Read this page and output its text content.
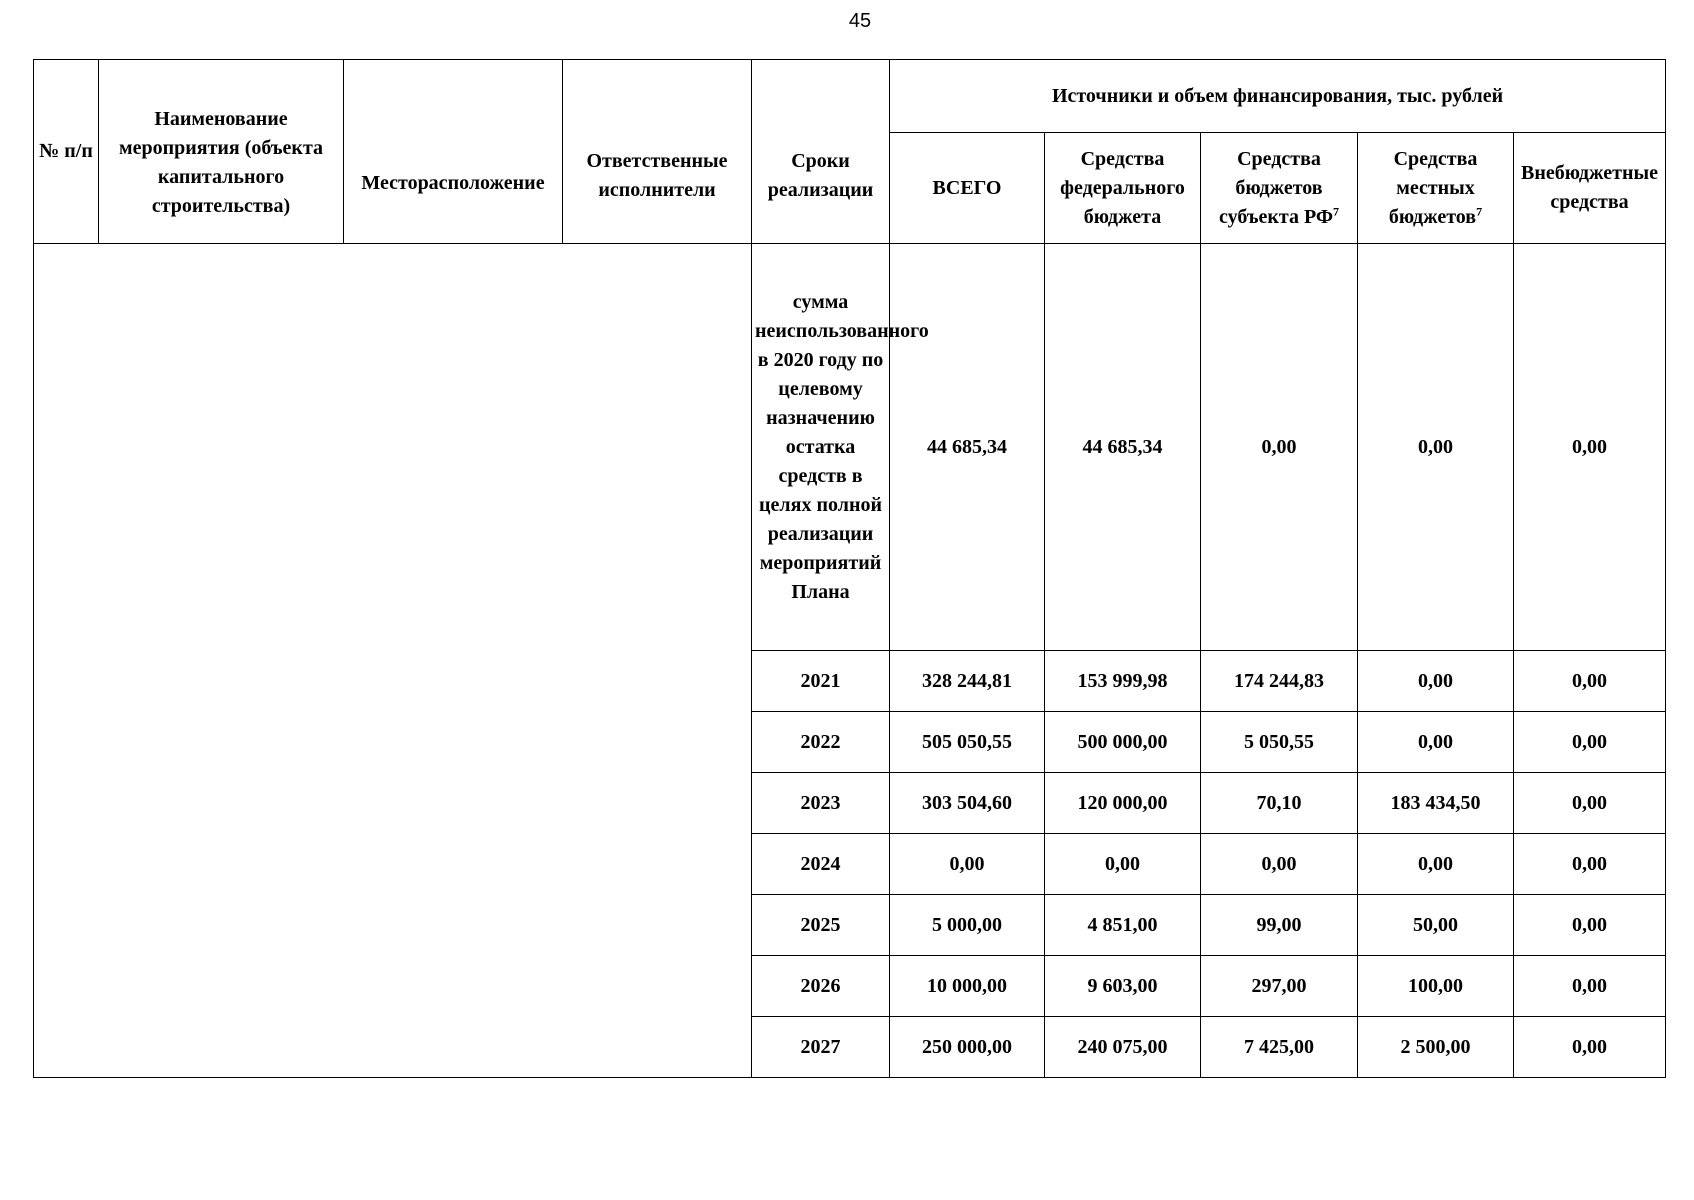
45
№ п/п	Наименование мероприятия (объекта капитального строительства)	Месторасположение	Ответственные исполнители	Сроки реализации	Источники и объем финансирования, тыс. рублей				
					ВСЕГО	Средства федерального бюджета	Средства бюджетов субъекта $РФ^7$	Средства местных бюджетов$^7$	Внебюджетные средства
				сумма неиспользованного в 2020 году по целевому назначению остатка средств в целях полной реализации мероприятий Плана	44 685,34	44 685,34	0,00	0,00	0,00
				2021	328 244,81	153 999,98	174 244,83	0,00	0,00
				2022	505 050,55	500 000,00	5 050,55	0,00	0,00
				2023	303 504,60	120 000,00	70,10	183 434,50	0,00
				2024	0,00	0,00	0,00	0,00	0,00
				2025	5 000,00	4 851,00	99,00	50,00	0,00
				2026	10 000,00	9 603,00	297,00	100,00	0,00
				2027	250 000,00	240 075,00	7 425,00	2 500,00	0,00
